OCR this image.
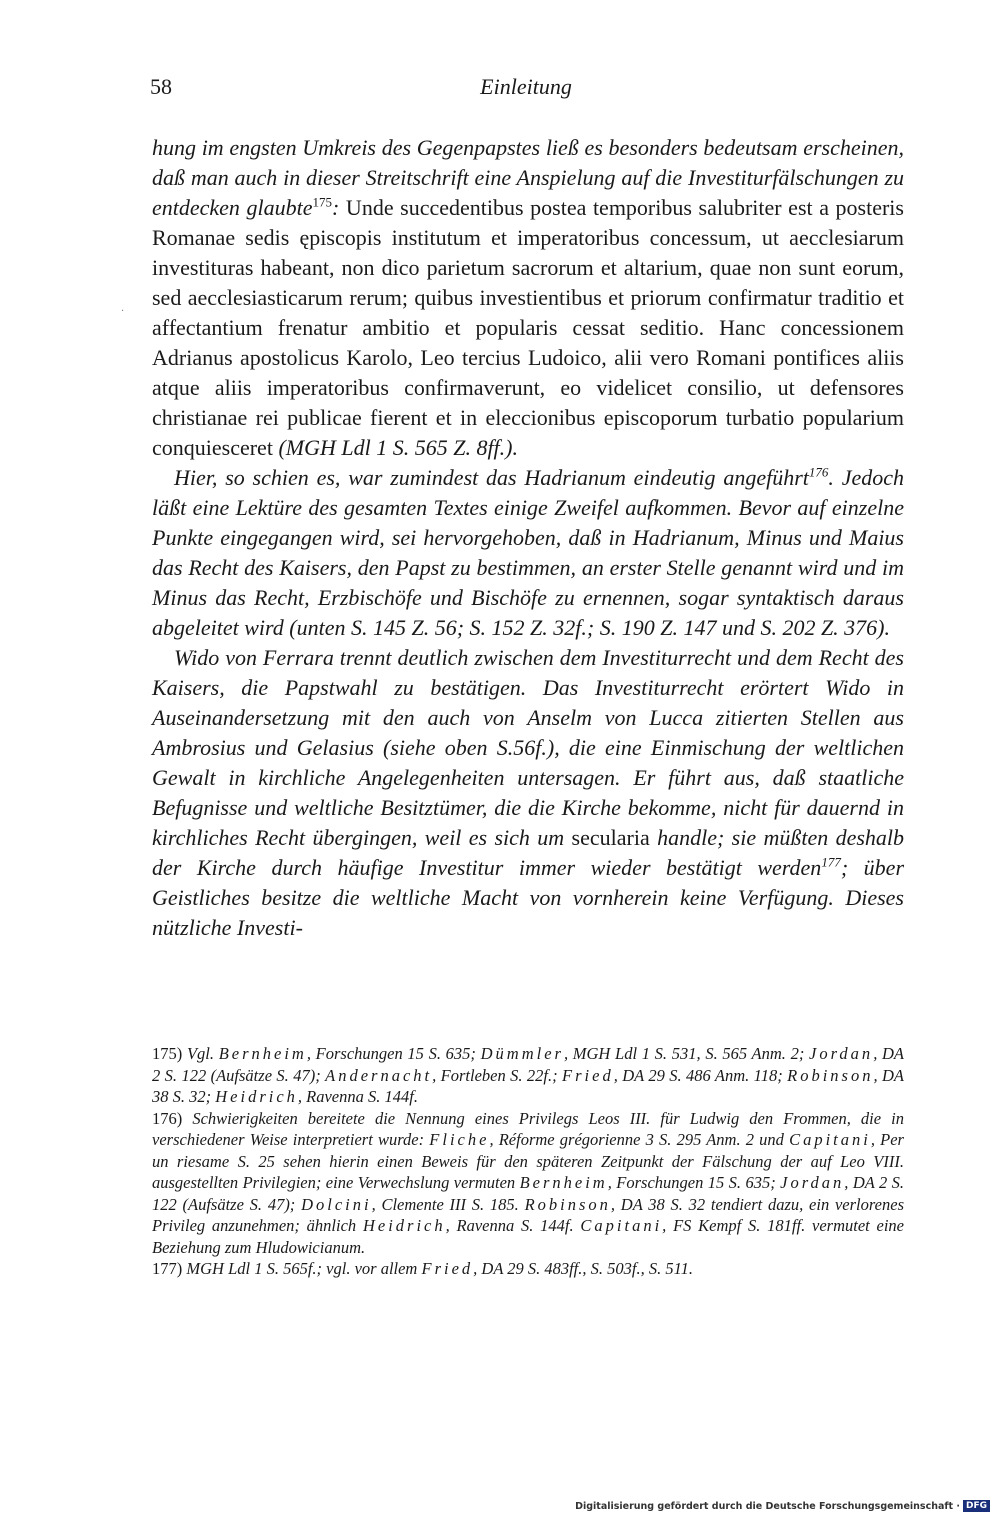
58	Einleitung
‧

hung im engsten Umkreis des Gegenpapstes ließ es besonders bedeutsam erscheinen, daß man auch in dieser Streitschrift eine Anspielung auf die Investiturfälschungen zu entdecken glaubte$^{175}$: Unde succedentibus postea temporibus salubriter est a posteris Romanae sedis ępiscopis institutum et imperatoribus concessum, ut aecclesiarum investituras habeant, non dico parietum sacrorum et altarium, quae non sunt eorum, sed aecclesiasticarum rerum; quibus investientibus et priorum confirmatur traditio et affectantium frenatur ambitio et popularis cessat seditio. Hanc concessionem Adrianus apostolicus Karolo, Leo tercius Ludoico, alii vero Romani pontifices aliis atque aliis imperatoribus confirmaverunt, eo videlicet consilio, ut defensores christianae rei publicae fierent et in eleccionibus episcoporum turbatio popularium conquiesceret (MGH Ldl 1 S. 565 Z. 8ff.).

Hier, so schien es, war zumindest das Hadrianum eindeutig angeführt$^{176}$. Jedoch läßt eine Lektüre des gesamten Textes einige Zweifel aufkommen. Bevor auf einzelne Punkte eingegangen wird, sei hervorgehoben, daß in Hadrianum, Minus und Maius das Recht des Kaisers, den Papst zu bestimmen, an erster Stelle genannt wird und im Minus das Recht, Erzbischöfe und Bischöfe zu ernennen, sogar syntaktisch daraus abgeleitet wird (unten S. 145 Z. 56; S. 152 Z. 32f.; S. 190 Z. 147 und S. 202 Z. 376).

Wido von Ferrara trennt deutlich zwischen dem Investiturrecht und dem Recht des Kaisers, die Papstwahl zu bestätigen. Das Investiturrecht erörtert Wido in Auseinandersetzung mit den auch von Anselm von Lucca zitierten Stellen aus Ambrosius und Gelasius (siehe oben S.56f.), die eine Einmischung der weltlichen Gewalt in kirchliche Angelegenheiten untersagen. Er führt aus, daß staatliche Befugnisse und weltliche Besitztümer, die die Kirche bekomme, nicht für dauernd in kirchliches Recht übergingen, weil es sich um secularia handle; sie müßten deshalb der Kirche durch häufige Investitur immer wieder bestätigt werden$^{177}$; über Geistliches besitze die weltliche Macht von vornherein keine Verfügung. Dieses nützliche Investi-

175) Vgl. Bernheim, Forschungen 15 S. 635; Dümmler, MGH Ldl 1 S. 531, S. 565 Anm. 2; Jordan, DA 2 S. 122 (Aufsätze S. 47); Andernacht, Fortleben S. 22f.; Fried, DA 29 S. 486 Anm. 118; Robinson, DA 38 S. 32; Heidrich, Ravenna S. 144f.

176) Schwierigkeiten bereitete die Nennung eines Privilegs Leos III. für Ludwig den Frommen, die in verschiedener Weise interpretiert wurde: Fliche, Réforme grégorienne 3 S. 295 Anm. 2 und Capitani, Per un riesame S. 25 sehen hierin einen Beweis für den späteren Zeitpunkt der Fälschung der auf Leo VIII. ausgestellten Privilegien; eine Verwechslung vermuten Bernheim, Forschungen 15 S. 635; Jordan, DA 2 S. 122 (Aufsätze S. 47); Dolcini, Clemente III S. 185. Robinson, DA 38 S. 32 tendiert dazu, ein verlorenes Privileg anzunehmen; ähnlich Heidrich, Ravenna S. 144f. Capitani, FS Kempf S. 181ff. vermutet eine Beziehung zum Hludowicianum.

177) MGH Ldl 1 S. 565f.; vgl. vor allem Fried, DA 29 S. 483ff., S. 503f., S. 511.

Digitalisierung gefördert durch die Deutsche Forschungsgemeinschaft · DFG
